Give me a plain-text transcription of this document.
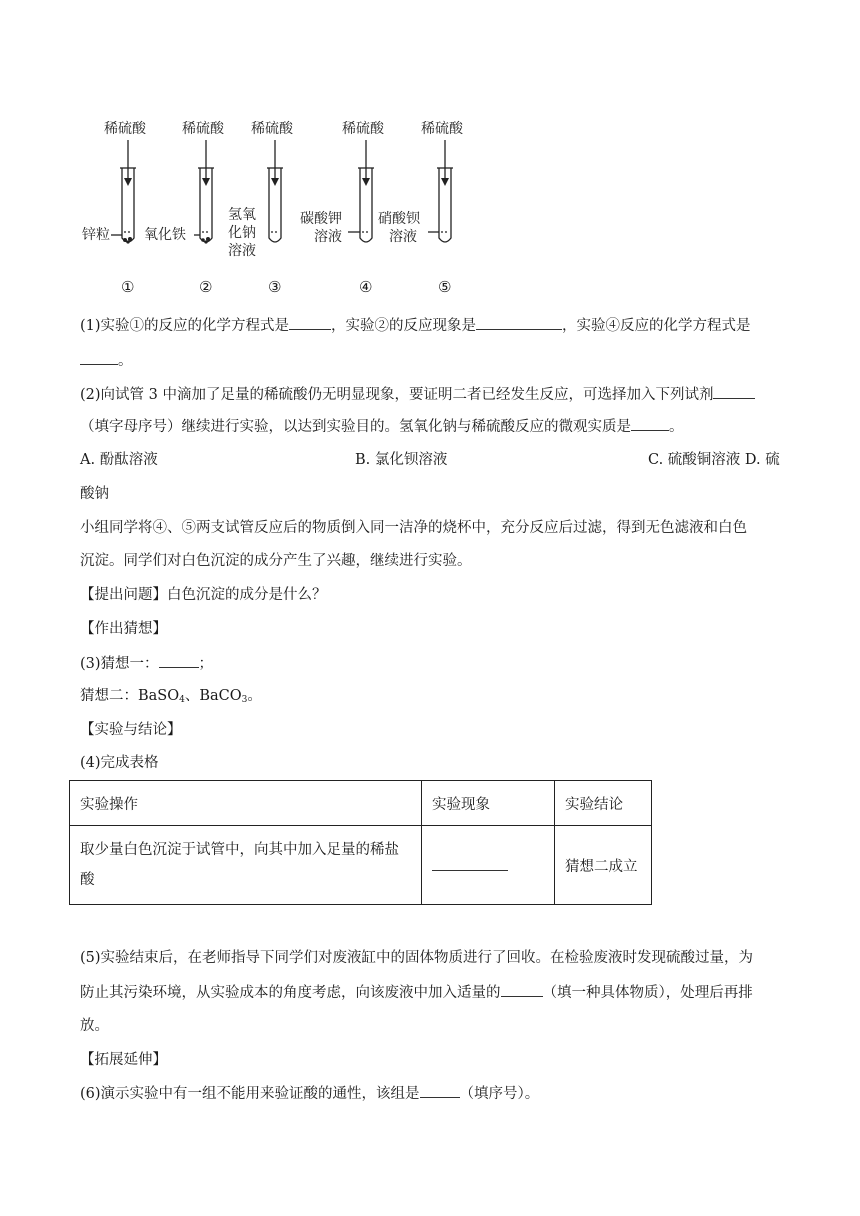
稀硫酸	稀硫酸 稀硫酸	稀硫酸	稀硫酸
锌粒 氧化铁
氢氧
化钠
溶液
碳酸钾
溶液
硝酸钡
溶液
①	②	③	④	⑤
(1)实验①的反应的化学方程式是	，实验②的反应现象是	，实验④反应的化学方程式是
。
(2)向试管 3 中滴加了足量的稀硫酸仍无明显现象，要证明二者已经发生反应，可选择加入下列试剂
（填字母序号）继续进行实验，以达到实验目的。氢氧化钠与稀硫酸反应的微观实质是	。
A. 酚酞溶液	B. 氯化钡溶液	C. 硫酸铜溶液 D. 硫
酸钠
小组同学将④、⑤两支试管反应后的物质倒入同一洁净的烧杯中，充分反应后过滤，得到无色滤液和白色
沉淀。同学们对白色沉淀的成分产生了兴趣，继续进行实验。
【提出问题】白色沉淀的成分是什么？
【作出猜想】
(3)猜想一：	；
猜想二：BaSO$_4$、BaCO$_3$。
【实验与结论】
(4)完成表格
实验操作	实验现象	实验结论

取少量白色沉淀于试管中，向其中加入足量的稀盐
酸		猜想二成立
(5)实验结束后，在老师指导下同学们对废液缸中的固体物质进行了回收。在检验废液时发现硫酸过量，为
防止其污染环境，从实验成本的角度考虑，向该废液中加入适量的	（填一种具体物质），处理后再排
放。
【拓展延伸】
(6)演示实验中有一组不能用来验证酸的通性，该组是	（填序号）。
